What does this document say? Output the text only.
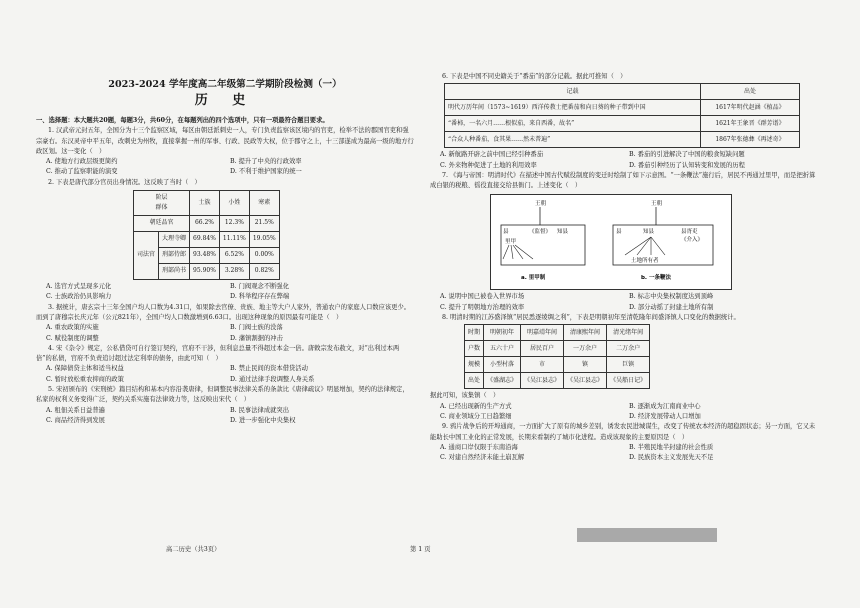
2023-2024 学年度高二年级第二学期阶段检测（一）
历 史

一、选择题：本大题共20题，每题3分，共60分，在每题列出的四个选项中，只有一项最符合题目要求。

1. 汉武帝元封五年，全国分为十三个监察区域，每区由朝廷派刺史一人，专门负责监察该区境内的官吏，检举不法的郡国官吏和强宗豪右。东汉灵帝中平五年，改刺史为州牧，直接掌握一州的军事、行政、民政等大权，位于郡守之上，十三部遂成为最高一级的地方行政区划。这一变化（　）

A. 使地方行政层级更简约	B. 提升了中央的行政效率
C. 推动了监察职能的演变	D. 不利于维护国家的统一

2. 下表是唐代部分官员出身情况。这反映了当时（　）

阶层
群体		士族	小姓	寒素
朝廷品官		66.2%	12.3%	21.5%
司法官	大理寺卿	69.84%	11.11%	19.05%
	刑部侍郎	93.48%	6.52%	0.00%
	刑部尚书	95.90%	3.28%	0.82%
A. 选官方式呈现多元化	B. 门阀观念不断强化
C. 士族政治仍具影响力	D. 科举程序存在弊端

3. 据统计，唐玄宗十三年全国户均人口数为4.31口，如果除去官僚、贵族、地主等大户人家外，普通农户的家庭人口数应该更少。而到了唐穆宗长庆元年（公元821年），全国户均人口数激增到6.63口。出现这种现象的原因最有可能是（　）

A. 重农政策的实施	B. 门阀士族的没落
C. 赋役制度的调整	D. 藩镇割据的冲击

4. 宋《杂令》规定，公私借贷可自行签订契约，官府不干涉，但利息总量不得超过本金一倍。唐敕宗发布赦文，对“出利过本两倍”的私债，官府不负责追讨超过法定利率的债务，由此可知（　）

A. 保障债贷主体和适当权益	B. 禁止民间的资本借贷活动
C. 暂时放松重农抑商的政策	D. 通过法律手段调整人身关系

5. 宋初颁布的《宋刑统》篇目结构和基本内容沿袭唐律，但调整民事法律关系的条款比《唐律疏议》明显增加，契约的法律规定，私家的权利义务变得广泛，契约关系实施有法律效力等，这反映出宋代（　）

A. 租佃关系日益普遍	B. 民事法律成就突出
C. 商品经济得到发展	D. 进一步强化中央集权

6. 下表是中国不同史籍关于“番茄”的部分记载。据此可推知（　）

记载	出处
明代万历年间（1573~1619）西洋传教士把番茄和向日葵的种子带到中国	1617年明代赵涵《植品》
“番柿，一名六月……根似茄，来自西番，故名”	1621年王象晋《群芳谱》
“合众人种番茄，食其果……然未普遍”	1867年张德彝《再述奇》
A. 新航路开辟之前中国已经引种番茄	B. 番茄的引进解决了中国的粮食短缺问题
C. 外来物种促进了土地的利用效率	D. 番茄引种经历了认知转变和发展的历程

7. 《海与帝国：明清时代》在描述中国古代赋役制度的变迁时绘制了如下示意图。“一条鞭法”施行后，居民不再通过里甲，而是把折算成白银的税粮、徭役直接交给县衙门。上述变化（　）

王朝
县	《监督》 知县
里甲
a. 里甲制
王朝
县	知县	县胥吏
《介入》
土地所有者
b. 一条鞭法
A. 说明中国已被卷入世界市场	B. 标志中央集权制度达到顶峰
C. 提升了明朝地方治理的效率	D. 部分动摇了封建土地所有制

8. 明清时期的江苏盛泽镇“居民悉逐绫绸之利”，下表是明朝初年至清乾隆年间盛泽镇人口变化的数据统计。

时期	明朝初年	明嘉靖年间	清康熙年间	清光绪年间
户数	五六十户	居民百户	一万余户	二万余户
规模	小型村落	市	镇	巨镇
出处	《盛湖志》	《吴江县志》	《吴江县志》	《吴船日记》

据此可知，该集镇（　）

A. 已经出现新的生产方式	B. 逐渐成为江南商业中心
C. 商业领域分工日趋繁细	D. 经济发展带动人口增加

9. 鸦片战争后的开埠通商，一方面扩大了原有的城乡差别，诱发农民进城谋生，改变了传统农本经济的超稳固状态；另一方面，它又未能助长中国工业化的正常发展，长期来看制约了城市化进程。造成该现象的主要原因是（　）

A. 通商口岸仅限于东南沿海	B. 半殖民地半封建的社会性质
C. 对建自然经济未能土崩瓦解	D. 民族资本主义发展先天不足
高二历史（共3页）	第 1 页
